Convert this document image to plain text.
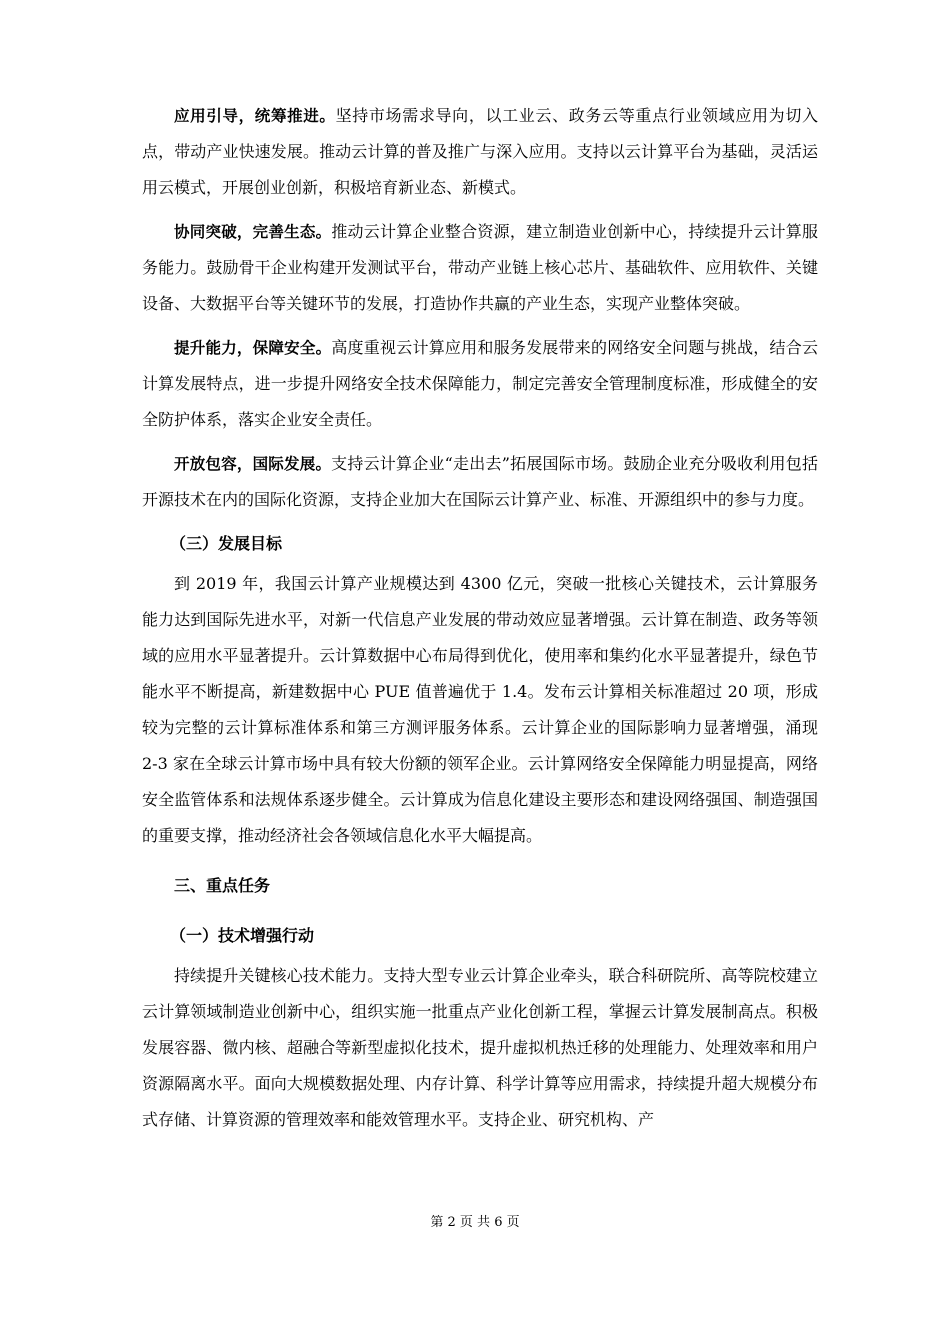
应用引导，统筹推进。坚持市场需求导向，以工业云、政务云等重点行业领域应用为切入点，带动产业快速发展。推动云计算的普及推广与深入应用。支持以云计算平台为基础，灵活运用云模式，开展创业创新，积极培育新业态、新模式。

协同突破，完善生态。推动云计算企业整合资源，建立制造业创新中心，持续提升云计算服务能力。鼓励骨干企业构建开发测试平台，带动产业链上核心芯片、基础软件、应用软件、关键设备、大数据平台等关键环节的发展，打造协作共赢的产业生态，实现产业整体突破。

提升能力，保障安全。高度重视云计算应用和服务发展带来的网络安全问题与挑战，结合云计算发展特点，进一步提升网络安全技术保障能力，制定完善安全管理制度标准，形成健全的安全防护体系，落实企业安全责任。

开放包容，国际发展。支持云计算企业“走出去”拓展国际市场。鼓励企业充分吸收利用包括开源技术在内的国际化资源，支持企业加大在国际云计算产业、标准、开源组织中的参与力度。

（三）发展目标

到 2019 年，我国云计算产业规模达到 4300 亿元，突破一批核心关键技术，云计算服务能力达到国际先进水平，对新一代信息产业发展的带动效应显著增强。云计算在制造、政务等领域的应用水平显著提升。云计算数据中心布局得到优化，使用率和集约化水平显著提升，绿色节能水平不断提高，新建数据中心 PUE 值普遍优于 1.4。发布云计算相关标准超过 20 项，形成较为完整的云计算标准体系和第三方测评服务体系。云计算企业的国际影响力显著增强，涌现 2-3 家在全球云计算市场中具有较大份额的领军企业。云计算网络安全保障能力明显提高，网络安全监管体系和法规体系逐步健全。云计算成为信息化建设主要形态和建设网络强国、制造强国的重要支撑，推动经济社会各领域信息化水平大幅提高。

三、重点任务

（一）技术增强行动

持续提升关键核心技术能力。支持大型专业云计算企业牵头，联合科研院所、高等院校建立云计算领域制造业创新中心，组织实施一批重点产业化创新工程，掌握云计算发展制高点。积极发展容器、微内核、超融合等新型虚拟化技术，提升虚拟机热迁移的处理能力、处理效率和用户资源隔离水平。面向大规模数据处理、内存计算、科学计算等应用需求，持续提升超大规模分布式存储、计算资源的管理效率和能效管理水平。支持企业、研究机构、产

第 2 页 共 6 页
